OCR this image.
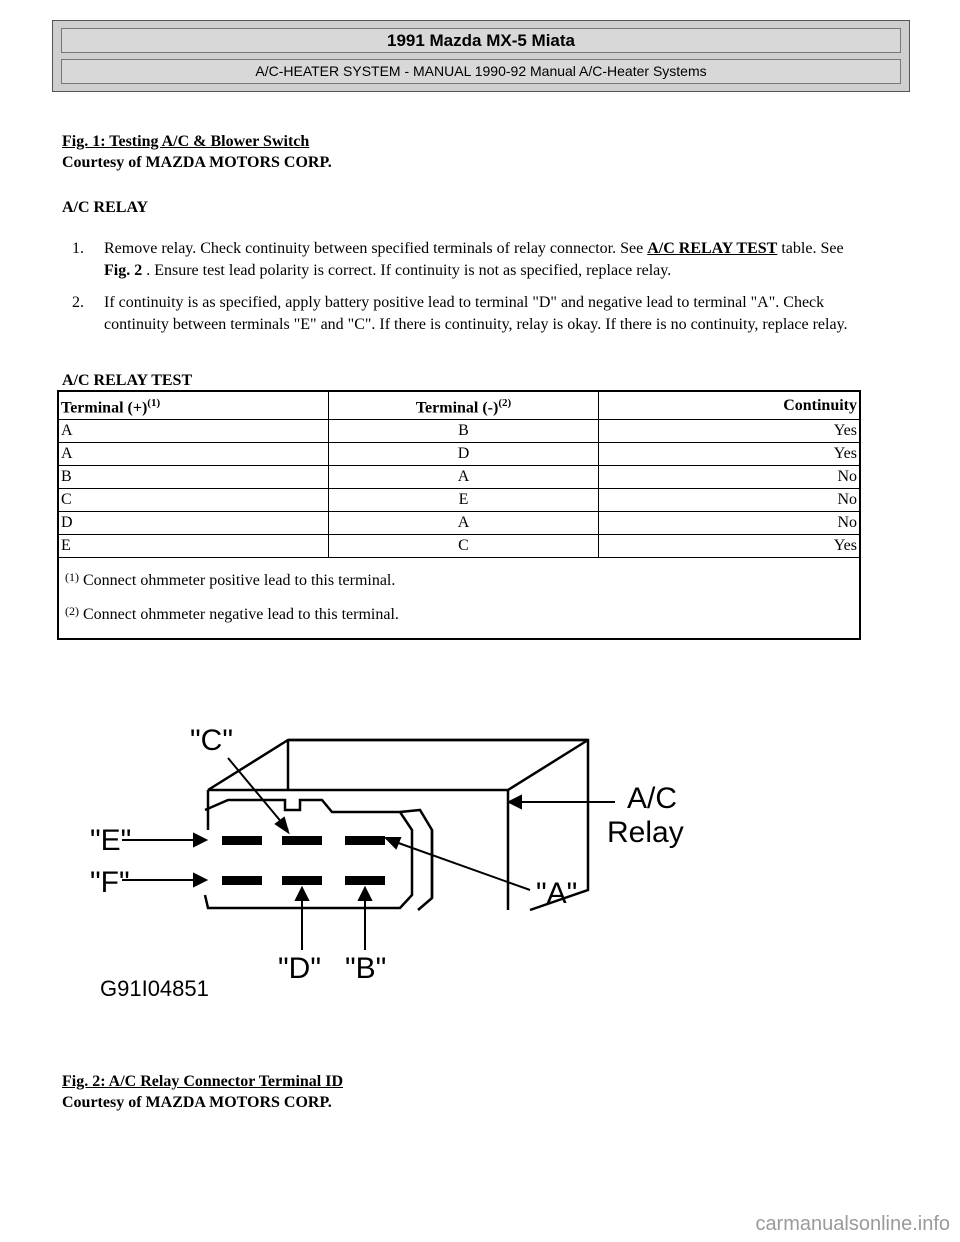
1991 Mazda MX-5 Miata
A/C-HEATER SYSTEM - MANUAL 1990-92 Manual A/C-Heater Systems
Fig. 1: Testing A/C & Blower Switch
Courtesy of MAZDA MOTORS CORP.
A/C RELAY
1. Remove relay. Check continuity between specified terminals of relay connector. See A/C RELAY TEST table. See Fig. 2 . Ensure test lead polarity is correct. If continuity is not as specified, replace relay.
2. If continuity is as specified, apply battery positive lead to terminal "D" and negative lead to terminal "A". Check continuity between terminals "E" and "C". If there is continuity, relay is okay. If there is no continuity, replace relay.
A/C RELAY TEST
Terminal $(+)^{(1)}$	Terminal $(-)^{(2)}$	Continuity
A	B	Yes
A	D	Yes
B	A	No
C	E	No
D	A	No
E	C	Yes

$^{(1)}$ Connect ohmmeter positive lead to this terminal.
$^{(2)}$ Connect ohmmeter negative lead to this terminal.		
"C"
"E"
"F"	"A"
"D" "B"
A/C
Relay
G91I04851
Fig. 2: A/C Relay Connector Terminal ID
Courtesy of MAZDA MOTORS CORP.
carmanualsonline.info
